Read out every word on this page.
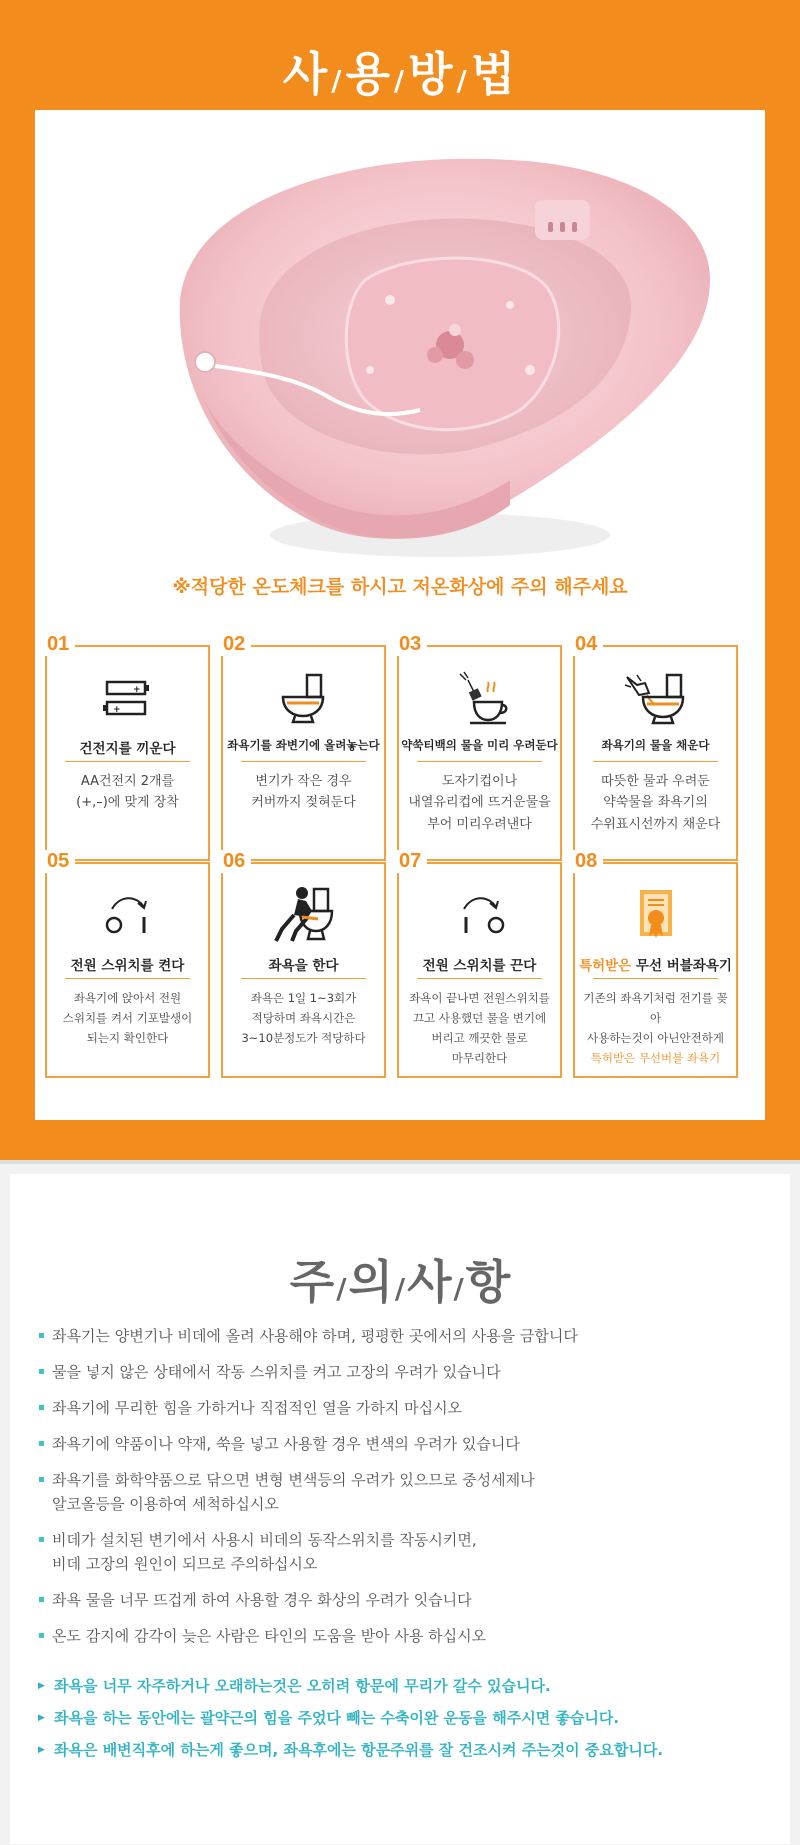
사/용/방/법
※적당한 온도체크를 하시고 저온화상에 주의 해주세요
01
+
+
건전지를 끼운다
AA건전지 2개를
(+,–)에 맞게 장착
02
좌욕기를 좌변기에 올려놓는다
변기가 작은 경우
커버까지 젖혀둔다
03
약쑥티백의 물을 미리 우려둔다
도자기컵이나
내열유리컵에 뜨거운물을
부어 미리우려낸다
04
좌욕기의 물을 채운다
따뜻한 물과 우려둔
약쑥물을 좌욕기의
수위표시선까지 채운다
05
전원 스위치를 켠다
좌욕기에 앉아서 전원
스위치를 켜서 기포발생이
되는지 확인한다
06
좌욕을 한다
좌욕은 1일 1~3회가
적당하며 좌욕시간은
3~10분정도가 적당하다
07
전원 스위치를 끈다
좌욕이 끝나면 전원스위치를
끄고 사용했던 물을 변기에
버리고 깨끗한 물로
마무리한다
08
특허받은 무선 버블좌욕기
기존의 좌욕기처럼 전기를 꽂아
사용하는것이 아닌안전하게
특허받은 무선버블 좌욕기
주/의/사/항
▪ 좌욕기는 양변기나 비데에 올려 사용해야 하며, 평평한 곳에서의 사용을 금합니다
▪ 물을 넣지 않은 상태에서 작동 스위치를 켜고 고장의 우려가 있습니다
▪ 좌욕기에 무리한 힘을 가하거나 직접적인 열을 가하지 마십시오
▪ 좌욕기에 약품이나 약재, 쑥을 넣고 사용할 경우 변색의 우려가 있습니다
▪ 좌욕기를 화학약품으로 닦으면 변형 변색등의 우려가 있으므로 중성세제나
알코올등을 이용하여 세척하십시오
▪ 비데가 설치된 변기에서 사용시 비데의 동작스위치를 작동시키면,
비데 고장의 원인이 되므로 주의하십시오
▪ 좌욕 물을 너무 뜨겁게 하여 사용할 경우 화상의 우려가 잇습니다
▪ 온도 감지에 감각이 늦은 사람은 타인의 도움을 받아 사용 하십시오
▶ 좌욕을 너무 자주하거나 오래하는것은 오히려 항문에 무리가 갈수 있습니다.
▶ 좌욕을 하는 동안에는 괄약근의 힘을 주었다 빼는 수축이완 운동을 해주시면 좋습니다.
▶ 좌욕은 배변직후에 하는게 좋으며, 좌욕후에는 항문주위를 잘 건조시켜 주는것이 중요합니다.
